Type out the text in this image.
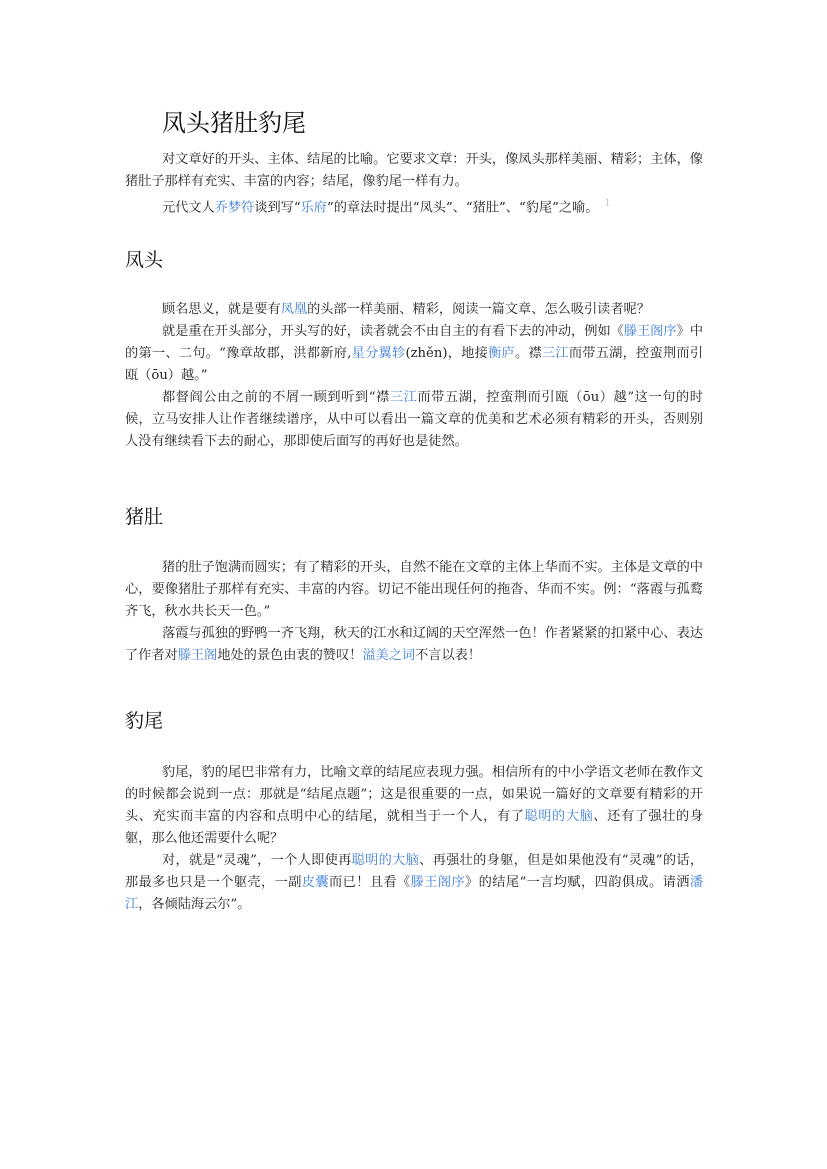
凤头猪肚豹尾

对文章好的开头、主体、结尾的比喻。它要求文章：开头，像凤头那样美丽、精彩；主体，像猪肚子那样有充实、丰富的内容；结尾，像豹尾一样有力。

元代文人乔梦符谈到写“乐府”的章法时提出“凤头”、“猪肚”、“豹尾”之喻。 $^1$

凤头

顾名思义，就是要有凤凰的头部一样美丽、精彩，阅读一篇文章、怎么吸引读者呢？

就是重在开头部分，开头写的好，读者就会不由自主的有看下去的冲动，例如《滕王阁序》中的第一、二句。“豫章故郡，洪都新府,星分翼轸(zhěn)，地接衡庐。襟三江而带五湖，控蛮荆而引瓯（ōu）越。”

都督阎公由之前的不屑一顾到听到“襟三江而带五湖，控蛮荆而引瓯（ōu）越”这一句的时候，立马安排人让作者继续谱序，从中可以看出一篇文章的优美和艺术必须有精彩的开头，否则别人没有继续看下去的耐心，那即使后面写的再好也是徒然。

猪肚

猪的肚子饱满而圆实；有了精彩的开头，自然不能在文章的主体上华而不实。主体是文章的中心，要像猪肚子那样有充实、丰富的内容。切记不能出现任何的拖沓、华而不实。例：“落霞与孤鹜齐飞，秋水共长天一色。”

落霞与孤独的野鸭一齐飞翔，秋天的江水和辽阔的天空浑然一色！作者紧紧的扣紧中心、表达了作者对滕王阁地处的景色由衷的赞叹！溢美之词不言以表！

豹尾

豹尾，豹的尾巴非常有力，比喻文章的结尾应表现力强。相信所有的中小学语文老师在教作文的时候都会说到一点：那就是“结尾点题”；这是很重要的一点，如果说一篇好的文章要有精彩的开头、充实而丰富的内容和点明中心的结尾，就相当于一个人，有了聪明的大脑、还有了强壮的身躯，那么他还需要什么呢？

对，就是“灵魂”，一个人即使再聪明的大脑、再强壮的身躯，但是如果他没有“灵魂”的话，那最多也只是一个躯壳，一副皮囊而已！且看《滕王阁序》的结尾“一言均赋，四韵俱成。请洒潘江，各倾陆海云尔”。
